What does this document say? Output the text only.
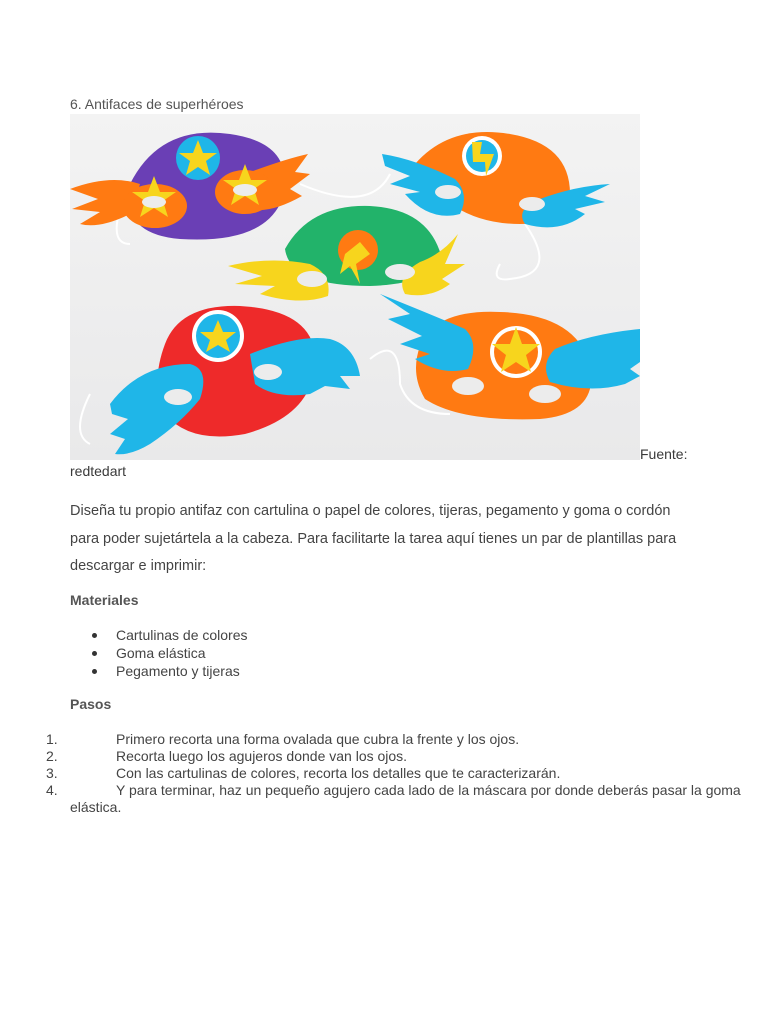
6. Antifaces de superhéroes

Fuente:
redtedart

Diseña tu propio antifaz con cartulina o papel de colores, tijeras, pegamento y goma o cordón para poder sujetártela a la cabeza. Para facilitarte la tarea aquí tienes un par de plantillas para descargar e imprimir:

Materiales
Cartulinas de colores
Goma elástica
Pegamento y tijeras
Pasos
1.	Primero recorta una forma ovalada que cubra la frente y los ojos.
2.	Recorta luego los agujeros donde van los ojos.
3.	Con las cartulinas de colores, recorta los detalles que te caracterizarán.
4.	Y para terminar, haz un pequeño agujero cada lado de la máscara por donde deberás pasar la goma elástica.
